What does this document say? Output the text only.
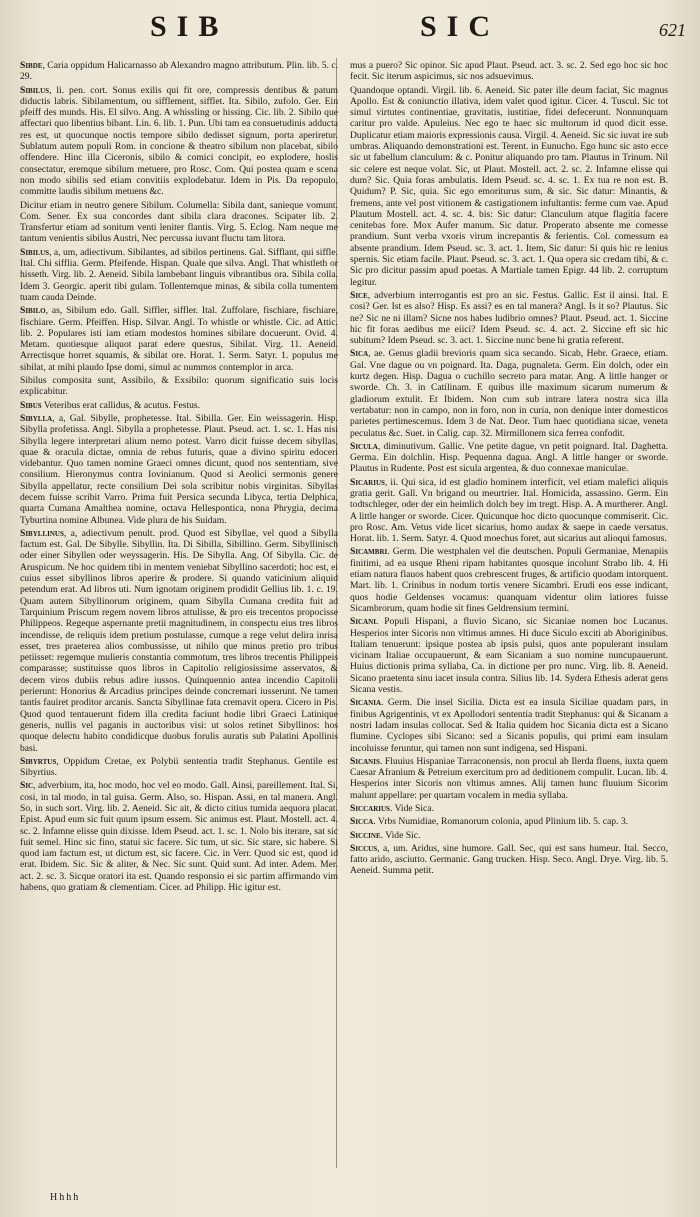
SIB	SIC	621

Sibde, Caria oppidum Halicarnasso ab Alexandro magno attributum. Plin. lib. 5. c. 29.

Sibilus, li. pen. cort. Sonus exilis qui fit ore, compressis dentibus & patum diductis labris. Sibilamentum, ou sifflement, sifflet. Ita. Sibilo, zufolo. Ger. Ein pfeiff des munds. His. El silvo. Ang. A whissling or hissing. Cic. lib. 2. Sibilo que affectari quo libentius bibant. Lin. 6. lib. 1. Pun. Ubi tam ea consuetudinis adducta res est, ut quocunque noctis tempore sibilo dedisset signum, porta aperiretur. Sublatum autem populi Rom. in concione & theatro sibilum non placebat, sibilo offendere. Hinc illa Ciceronis, sibilo & comici concipit, eo explodere, hoslis consectatur, eremque sibilum metuere, pro Rosc. Com. Qui postea quam e scena non modo sibilis sed etiam convitiis explodebatur. Idem in Pis. Da repopulo, committe laudis sibilum metuens &c.

Dicitur etiam in neutro genere Sibilum. Columella: Sibila dant, sanieque vomunt. Com. Sener. Ex sua concordes dant sibila clara dracones. Scipater lib. 2. Transfertur etiam ad sonitum venti leniter flantis. Virg. 5. Eclog. Nam neque me tantum venientis sibilus Austri, Nec percussa iuvant fluctu tam litora.

Sibilus, a, um, adiectivum. Sibilantes, ad sibilos pertinens. Gal. Sifflant, qui siffle. Ital. Chi sifflia. Germ. Pfeifende. Hispan. Quale que silva. Angl. That whistleth or hisseth. Virg. lib. 2. Aeneid. Sibila lambebant linguis vibrantibus ora. Sibila colla. Idem 3. Georgic. aperit tibi gulam. Tollentemque minas, & sibila colla tumentem tuam cauda Deinde.

Sibilo, as, Sibilum edo. Gall. Siffler, siffler. Ital. Zuffolare, fischiare, fischiare, fischiare. Germ. Pfeiffen. Hisp. Silvar. Angl. To whistle or whistle. Cic. ad Attic. lib. 2. Populares isti iam etiam modestos homines sibilare docuerunt. Ovid. 4. Metam. quotiesque aliquot parat edere questus, Sibilat. Virg. 11. Aeneid. Arrectisque horret squamis, & sibilat ore. Horat. 1. Serm. Satyr. 1. populus me sibilat, at mihi plaudo Ipse domi, simul ac nummos contemplor in arca.

Sibilus composita sunt, Assibilo, & Exsibilo: quorum significatio suis locis explicabitur.

Sibus Veteribus erat callidus, & acutus. Festus.

Sibylla, a, Gal. Sibylle, prophetesse. Ital. Sibilla. Ger. Ein weissagerin. Hisp. Sibylla profetissa. Angl. Sibylla a prophetesse. Plaut. Pseud. act. 1. sc. 1. Has nisi Sibylla legere interpretari alium nemo potest. Varro dicit fuisse decem sibyllas, quae & oracula dictae, omnia de rebus futuris, quae a divino spiritu edoceri videbantur. Quo tamen nomine Graeci omnes dicunt, quod nos sententiam, sive consilium. Hieronymus contra Iovinianum. Quod si Aeolici sermonis genere Sibylla appellatur, recte consilium Dei sola scribitur nobis virginitas. Sibyllas decem fuisse scribit Varro. Prima fuit Persica secunda Libyca, tertia Delphica, quarta Cumana Amalthea nomine, octava Hellespontica, nona Phrygia, decima Tyburtina nomine Albunea. Vide plura de his Suidam.

Sibyllinus, a, adiectivum penult. prod. Quod est Sibyllae, vel quod a Sibylla factum est. Gal. De Sibylle. Sibyllin. Ita. Di Sibilla, Sibillino. Germ. Sibyllinisch oder einer Sibyllen oder weyssagerin. His. De Sibylla. Ang. Of Sibylla. Cic. de Aruspicum. Ne hoc quidem tibi in mentem veniebat Sibyllino sacerdoti; hoc est, ei cuius esset sibyllinos libros aperire & prodere. Si quando vaticinium aliquid petendum erat. Ad libros uti. Num ignotam originem prodidit Gellius lib. 1. c. 19. Quam autem Sibyllinorum originem, quam Sibylla Cumana credita fuit ad Tarquinium Priscum regem novem libros attulisse, & pro eis trecentos propocisse Philippeos. Regeque aspernante pretii magnitudinem, in conspectu eius tres libros incendisse, de reliquis idem pretium postulasse, cumque a rege velut delira inrisa esset, tres praeterea alios combussisse, ut nihilo que minus pretio pro tribus petiisset: regemque mulieris constantia commotum, tres libros trecentis Philippeis comparasse; sustituisse quos libros in Capitolio religiosissime asservatos, & decem viros dubiis rebus adire iussos. Quinquennio antea incendio Capitolii perierunt: Honorius & Arcadius principes deinde concremari iusserunt. Ne tamen tantis fauiret proditor arcanis. Sancta Sibyllinae fata cremavit opera. Cicero in Pis. Quod quod tentauerunt fidem illa credita faciunt hodie libri Graeci Latinique generis, nullis vel paganis in auctoribus visi: ut solos retinet Sibyllinos: hos quoque delectu habito condidicque duobus forulis auratis sub Palatini Apollinis basi.

Sibyrtus, Oppidum Cretae, ex Polybii sententia tradit Stephanus. Gentile est Sibyrtius.

Sic, adverbium, ita, hoc modo, hoc vel eo modo. Gall. Ainsi, pareillement. Ital. Si, cosi, in tal modo, in tal guisa. Germ. Also, so. Hispan. Assi, en tal manera. Angl. So, in such sort. Virg. lib. 2. Aeneid. Sic ait, & dicto citius tumida aequora placat. Epist. Apud eum sic fuit quum ipsum essem. Sic animus est. Plaut. Mostell. act. 4. sc. 2. Infamne elisse quin dixisse. Idem Pseud. act. 1. sc. 1. Nolo bis iterare, sat sic fuit semel. Hinc sic fino, statui sic facere. Sic tum, ut sic. Sic stare, sic habere. Si quod iam factum est, ut dictum est, sic facere. Cic. in Verr. Quod sic est, quod id erat. Ibidem. Sic. Sic & aliter, & Nec. Sic sunt. Quid sunt. Ad inter. Adem. Mer. act. 2. sc. 3. Sicque oratori ita est. Quando responsio ei sic partim affirmando vim habens, quo gratiam & clementiam. Cicer. ad Philipp. Hic igitur est.

mus a puero? Sic opinor. Sic apud Plaut. Pseud. act. 3. sc. 2. Sed ego hoc sic hoc fecit. Sic iterum aspicimus, sic nos adsuevimus.

Quandoque optandi. Virgil. lib. 6. Aeneid. Sic pater ille deum faciat, Sic magnus Apollo. Est & coniunctio illativa, idem valet quod igitur. Cicer. 4. Tuscul. Sic tot simul virtutes continentiae, gravitatis, iustitiae, fidei defecerunt. Nonnunquam caritur pro valde. Apuleius. Nec ego te haec sic multorum id quod dicit esse. Duplicatur etiam maioris expressionis causa. Virgil. 4. Aeneid. Sic sic iuvat ire sub umbras. Aliquando demonstrationi est. Terent. in Eunucho. Ego hunc sic asto ecce sic ut fabellum clanculum: & c. Ponitur aliquando pro tam. Plautus in Trinum. Nil sic celere est neque volat. Sic, ut Plaut. Mostell. act. 2. sc. 2. Infamne elisse qui dum? Sic. Quia foras ambulatis. Idem Pseud. sc. 4. sc. 1. Ex tua re non est. B. Quidum? P. Sic, quia. Sic ego emoriturus sum, & sic. Sic datur: Minantis, & fremens, ante vel post vitionem & castigationem infultantis: ferme cum vae. Apud Plautum Mostell. act. 4. sc. 4. bis: Sic datur: Clanculum atque flagitia facere cenitebas fore. Mox Aufer manum. Sic datur. Properato absente me comesse prandium. Sunt verba vxoris virum increpantis & ferientis. Col. comessum ea absente prandium. Idem Pseud. sc. 3. act. 1. Item, Sic datur: Si quis hic re lenius spernis. Sic etiam facile. Plaut. Pseud. sc. 3. act. 1. Qua opera sic credam tibi, & c. Sic pro dicitur passim apud poetas. A Martiale tamen Epigr. 44 lib. 2. corruptum legitur.

Sice, adverbium interrogantis est pro an sic. Festus. Gallic. Est il ainsi. Ital. E cosi? Ger. Ist es also? Hisp. Es assi? es en tal manera? Angl. Is it so? Plautus. Sic ne? Sic ne ni illam? Sicne nos habes ludibrio omnes? Plaut. Pseud. act. 1. Siccine hic fit foras aedibus me eiici? Idem Pseud. sc. 4. act. 2. Siccine eft sic hic subitum? Idem Pseud. sc. 3. act. 1. Siccine nunc bene hi gratia referent.

Sica, ae. Genus gladii brevioris quam sica secando. Sicab, Hebr. Graece, etiam. Gal. Vne dague ou vn poignard. Ita. Daga, pugnaleta. Germ. Ein dolch, oder ein kurtz degen. Hisp. Dagua o cuchillo secreto para matar. Ang. A little hanger or sworde. Ch. 3. in Catilinam. E quibus ille maximum sicarum numerum & gladiorum extulit. Et Ibidem. Non cum sub intrare latera nostra sica illa vertabatur: non in campo, non in foro, non in curia, non denique inter domesticos parietes pertimescemus. Idem 3 de Nat. Deor. Tum haec quotidiana sicae, veneta peculatus &c. Suet. in Calig. cap. 32. Mirmillonem sica ferrea confodit.

Sicula, diminutivum. Gallic. Vne petite dague, vn petit poignard. Ital. Daghetta. Germa. Ein dolchlin. Hisp. Pequenna dagua. Angl. A little hanger or sworde. Plautus in Rudente. Post est sicula argentea, & duo connexae maniculae.

Sicarius, ii. Qui sica, id est gladio hominem interficit, vel etiam malefici aliquis gratia gerit. Gall. Vn brigand ou meurtrier. Ital. Homicida, assassino. Germ. Ein todtschleger, oder der ein heimlich dolch bey im tregt. Hisp. A. A murtherer. Angl. A little hanger or sworde. Cicer. Quicunque hoc dicto quocunque commiserit. Cic. pro Rosc. Am. Vetus vide licet sicarius, homo audax & saepe in caede versatus. Horat. lib. 1. Serm. Satyr. 4. Quod moechus foret, aut sicarius aut alioqui famosus.

Sicambri. Germ. Die westphalen vel die deutschen. Populi Germaniae, Menapiis finitimi, ad ea usque Rheni ripam habitantes quosque incolunt Strabo lib. 4. Hi etiam natura flauos habent quos crebrescent fruges, & artificio quodam intorquent. Mart. lib. 1. Crinibus in nodum tortis venere Sicambri. Erudi eos esse indicant, quos hodie Geldenses vocamus: quanquam videntur olim latiores fuisse Sicambrorum, quam hodie sit fines Geldrensium termini.

Sicani. Populi Hispani, a fluvio Sicano, sic Sicaniae nomen hoc Lucanus. Hesperios inter Sicoris non vltimus amnes. Hi duce Siculo exciti ab Aboriginibus. Italiam tenuerunt: ipsique postea ab ipsis pulsi, quos ante populerant insulam vicinam Italiae occupauerunt, & eam Sicaniam a suo nomine nuncupauerunt. Huius dictionis prima syllaba, Ca. in dictione per pro nunc. Virg. lib. 8. Aeneid. Sicano praetenta sinu iacet insula contra. Silius lib. 14. Sydera Ethesis aderat gens Sicana vestis.

Sicania. Germ. Die insel Sicilia. Dicta est ea insula Siciliae quadam pars, in finibus Agrigentinis, vt ex Apollodori sententia tradit Stephanus: qui & Sicanam a nostri Iadam insulas collocat. Sed & Italia quidem hoc Sicania dicta est a Sicano flumine. Cyclopes sibi Sicano: sed a Sicanis populis, qui primi eam insulam incoluisse feruntur, qui tamen non sunt indigena, sed Hispani.

Sicanis. Fluuius Hispaniae Tarraconensis, non procul ab Ilerda fluens, iuxta quem Caesar Afranium & Petreium exercitum pro ad deditionem compulit. Lucan. lib. 4. Hesperios inter Sicoris non vltimus amnes. Alij tamen hunc fluuium Sicorim malunt appellare: per quartam vocalem in media syllaba.

Siccarius. Vide Sica.

Sicca. Vrbs Numidiae, Romanorum colonia, apud Plinium lib. 5. cap. 3.

Siccine. Vide Sic.

Siccus, a, um. Aridus, sine humore. Gall. Sec, qui est sans humeur. Ital. Secco, fatto arido, asciutto. Germanic. Gang trucken. Hisp. Seco. Angl. Drye. Virg. lib. 5. Aeneid. Summa petit.

Hhhh
